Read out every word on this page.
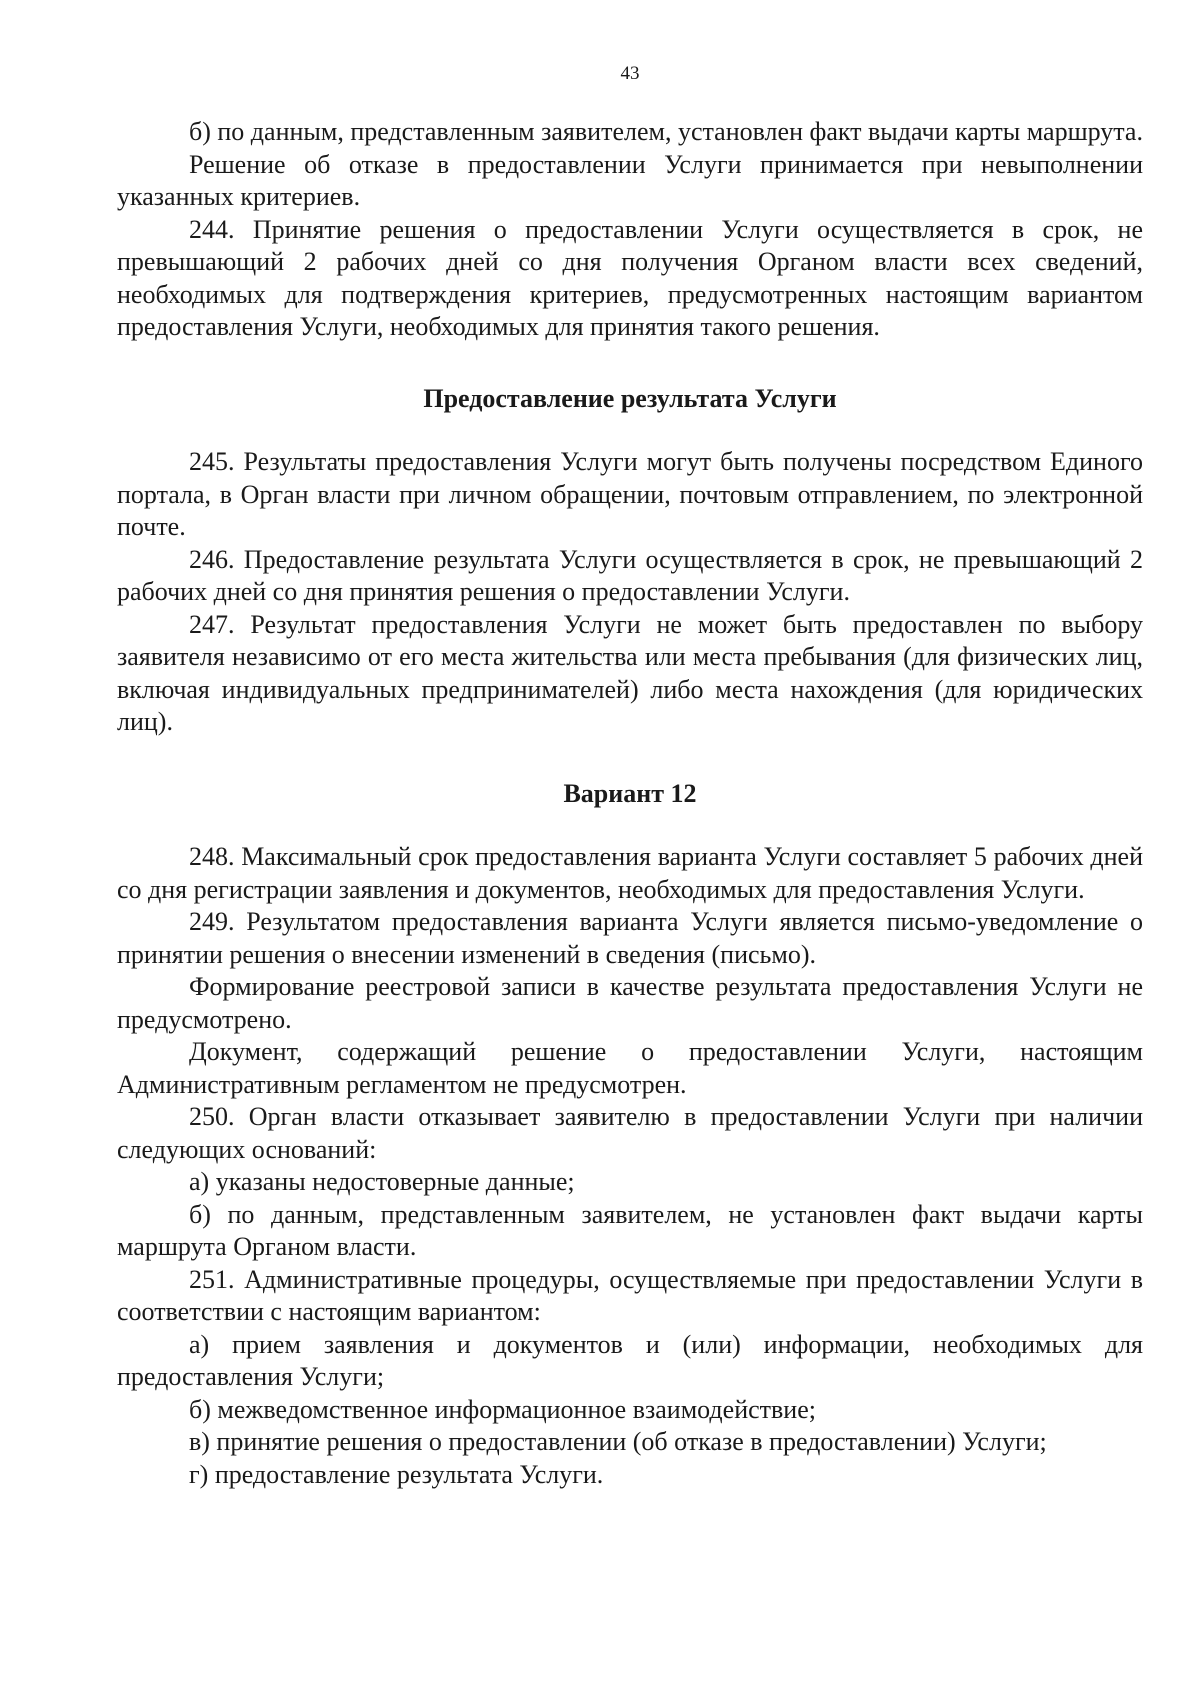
43

б) по данным, представленным заявителем, установлен факт выдачи карты маршрута.

Решение об отказе в предоставлении Услуги принимается при невыполнении указанных критериев.

244. Принятие решения о предоставлении Услуги осуществляется в срок, не превышающий 2 рабочих дней со дня получения Органом власти всех сведений, необходимых для подтверждения критериев, предусмотренных настоящим вариантом предоставления Услуги, необходимых для принятия такого решения.

Предоставление результата Услуги

245. Результаты предоставления Услуги могут быть получены посредством Единого портала, в Орган власти при личном обращении, почтовым отправлением, по электронной почте.

246. Предоставление результата Услуги осуществляется в срок, не превышающий 2 рабочих дней со дня принятия решения о предоставлении Услуги.

247. Результат предоставления Услуги не может быть предоставлен по выбору заявителя независимо от его места жительства или места пребывания (для физических лиц, включая индивидуальных предпринимателей) либо места нахождения (для юридических лиц).

Вариант 12

248. Максимальный срок предоставления варианта Услуги составляет 5 рабочих дней со дня регистрации заявления и документов, необходимых для предоставления Услуги.

249. Результатом предоставления варианта Услуги является письмо-уведомление о принятии решения о внесении изменений в сведения (письмо).

Формирование реестровой записи в качестве результата предоставления Услуги не предусмотрено.

Документ, содержащий решение о предоставлении Услуги, настоящим Административным регламентом не предусмотрен.

250. Орган власти отказывает заявителю в предоставлении Услуги при наличии следующих оснований:

а) указаны недостоверные данные;

б) по данным, представленным заявителем, не установлен факт выдачи карты маршрута Органом власти.

251. Административные процедуры, осуществляемые при предоставлении Услуги в соответствии с настоящим вариантом:

а) прием заявления и документов и (или) информации, необходимых для предоставления Услуги;

б) межведомственное информационное взаимодействие;

в) принятие решения о предоставлении (об отказе в предоставлении) Услуги;

г) предоставление результата Услуги.
